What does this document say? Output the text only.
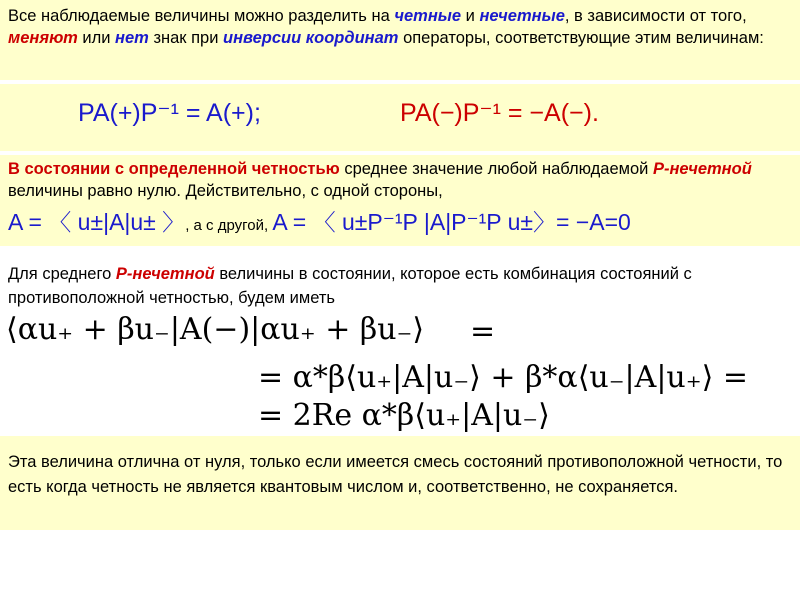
Все наблюдаемые величины можно разделить на четные и нечетные, в зависимости от того, меняют или нет знак при инверсии координат операторы, соответствующие этим величинам:
PA(+)P⁻¹ = A(+);	PA(−)P⁻¹ = −A(−).
В состоянии с определенной четностью среднее значение любой наблюдаемой Р-нечетной величины равно нулю. Действительно, с одной стороны,
A = 〈 u±|A|u± 〉, а с другой, A = 〈 u±P⁻¹P |A|P⁻¹P u±〉= −A=0
Для среднего Р-нечетной величины в состоянии, которое есть комбинация состояний с противоположной четностью, будем иметь
⟨αu₊ + βu₋|A(−)|αu₊ + βu₋⟩ =
= α*β⟨u₊|A|u₋⟩ + β*α⟨u₋|A|u₊⟩ =
= 2Re α*β⟨u₊|A|u₋⟩
Эта величина отлична от нуля, только если имеется смесь состояний противоположной четности, то есть когда четность не является квантовым числом и, соответственно, не сохраняется.
